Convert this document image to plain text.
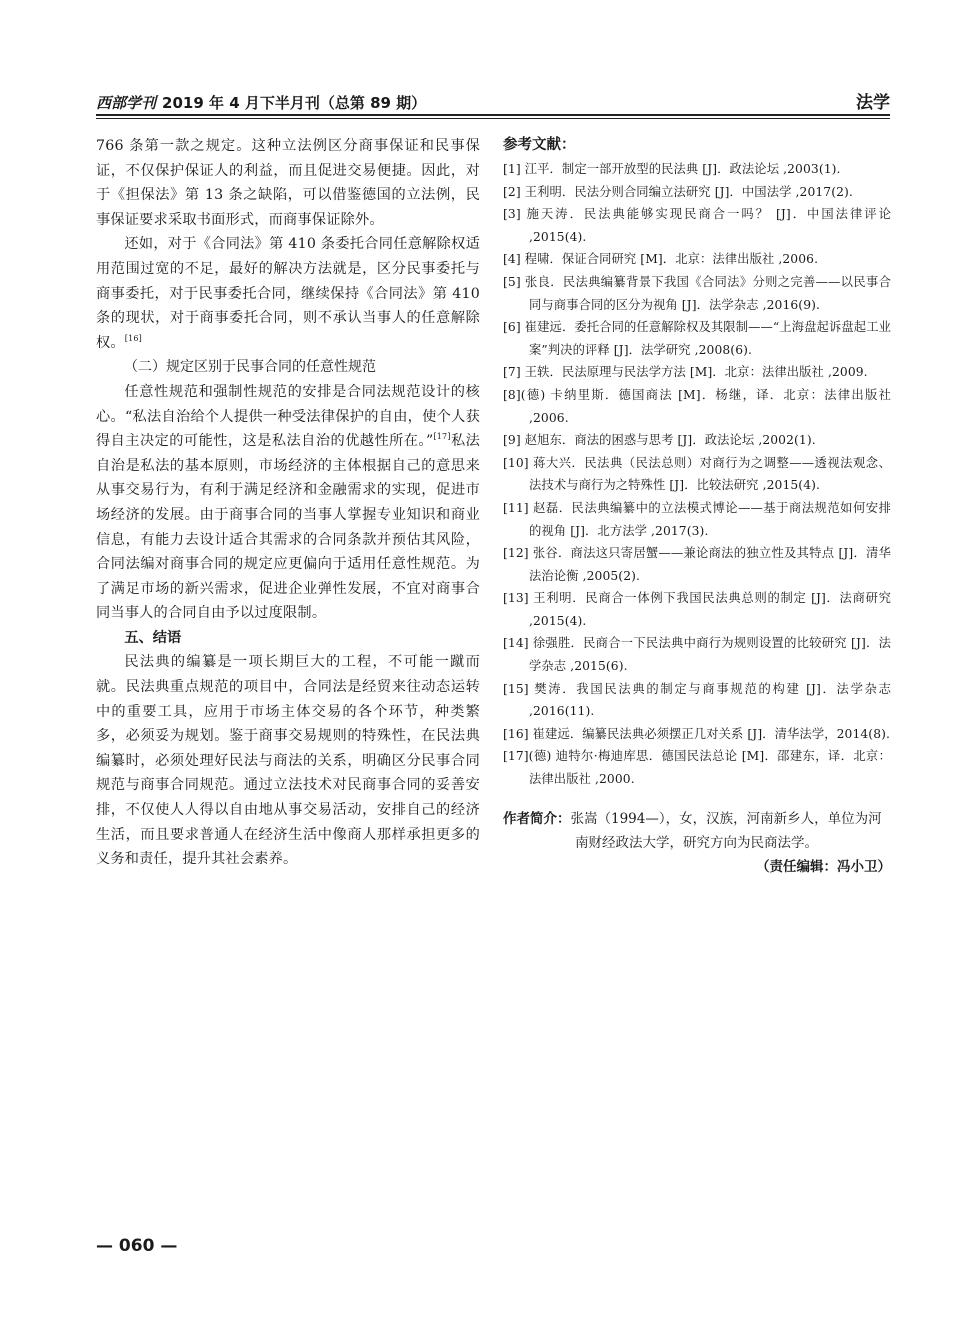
西部学刊 2019 年 4 月下半月刊（总第 89 期）	法学

766 条第一款之规定。这种立法例区分商事保证和民事保证，不仅保护保证人的利益，而且促进交易便捷。因此，对于《担保法》第 13 条之缺陷，可以借鉴德国的立法例，民事保证要求采取书面形式，而商事保证除外。

还如，对于《合同法》第 410 条委托合同任意解除权适用范围过宽的不足，最好的解决方法就是，区分民事委托与商事委托，对于民事委托合同，继续保持《合同法》第 410 条的现状，对于商事委托合同，则不承认当事人的任意解除权。[16]

（二）规定区别于民事合同的任意性规范

任意性规范和强制性规范的安排是合同法规范设计的核心。“私法自治给个人提供一种受法律保护的自由，使个人获得自主决定的可能性，这是私法自治的优越性所在。”[17]私法自治是私法的基本原则，市场经济的主体根据自己的意思来从事交易行为，有利于满足经济和金融需求的实现，促进市场经济的发展。由于商事合同的当事人掌握专业知识和商业信息，有能力去设计适合其需求的合同条款并预估其风险，合同法编对商事合同的规定应更偏向于适用任意性规范。为了满足市场的新兴需求，促进企业弹性发展，不宜对商事合同当事人的合同自由予以过度限制。

五、结语

民法典的编纂是一项长期巨大的工程，不可能一蹴而就。民法典重点规范的项目中，合同法是经贸来往动态运转中的重要工具，应用于市场主体交易的各个环节，种类繁多，必须妥为规划。鉴于商事交易规则的特殊性，在民法典编纂时，必须处理好民法与商法的关系，明确区分民事合同规范与商事合同规范。通过立法技术对民商事合同的妥善安排，不仅使人人得以自由地从事交易活动，安排自己的经济生活，而且要求普通人在经济生活中像商人那样承担更多的义务和责任，提升其社会素养。

参考文献：
[1] 江平．制定一部开放型的民法典 [J]．政法论坛 ,2003(1).
[2] 王利明．民法分则合同编立法研究 [J]．中国法学 ,2017(2).
[3] 施天涛．民法典能够实现民商合一吗？ [J]．中国法律评论 ,2015(4).
[4] 程啸．保证合同研究 [M]．北京：法律出版社 ,2006.
[5] 张良．民法典编纂背景下我国《合同法》分则之完善——以民事合同与商事合同的区分为视角 [J]．法学杂志 ,2016(9).
[6] 崔建远．委托合同的任意解除权及其限制——“上海盘起诉盘起工业案”判决的评释 [J]．法学研究 ,2008(6).
[7] 王轶．民法原理与民法学方法 [M]．北京：法律出版社 ,2009.
[8](德) 卡纳里斯．德国商法 [M]．杨继，译．北京：法律出版社 ,2006.
[9] 赵旭东．商法的困惑与思考 [J]．政法论坛 ,2002(1).
[10] 蒋大兴．民法典（民法总则）对商行为之调整——透视法观念、法技术与商行为之特殊性 [J]．比较法研究 ,2015(4).
[11] 赵磊．民法典编纂中的立法模式博论——基于商法规范如何安排的视角 [J]．北方法学 ,2017(3).
[12] 张谷．商法这只寄居蟹——兼论商法的独立性及其特点 [J]．清华法治论衡 ,2005(2).
[13] 王利明．民商合一体例下我国民法典总则的制定 [J]．法商研究 ,2015(4).
[14] 徐强胜．民商合一下民法典中商行为规则设置的比较研究 [J]．法学杂志 ,2015(6).
[15] 樊涛．我国民法典的制定与商事规范的构建 [J]．法学杂志 ,2016(11).
[16] 崔建远．编纂民法典必须摆正几对关系 [J]．清华法学，2014(8).
[17](德) 迪特尔·梅迪库思．德国民法总论 [M]．邵建东，译．北京：法律出版社 ,2000.
作者简介：张嵩（1994—），女，汉族，河南新乡人，单位为河南财经政法大学，研究方向为民商法学。
（责任编辑：冯小卫）
— 060 —
